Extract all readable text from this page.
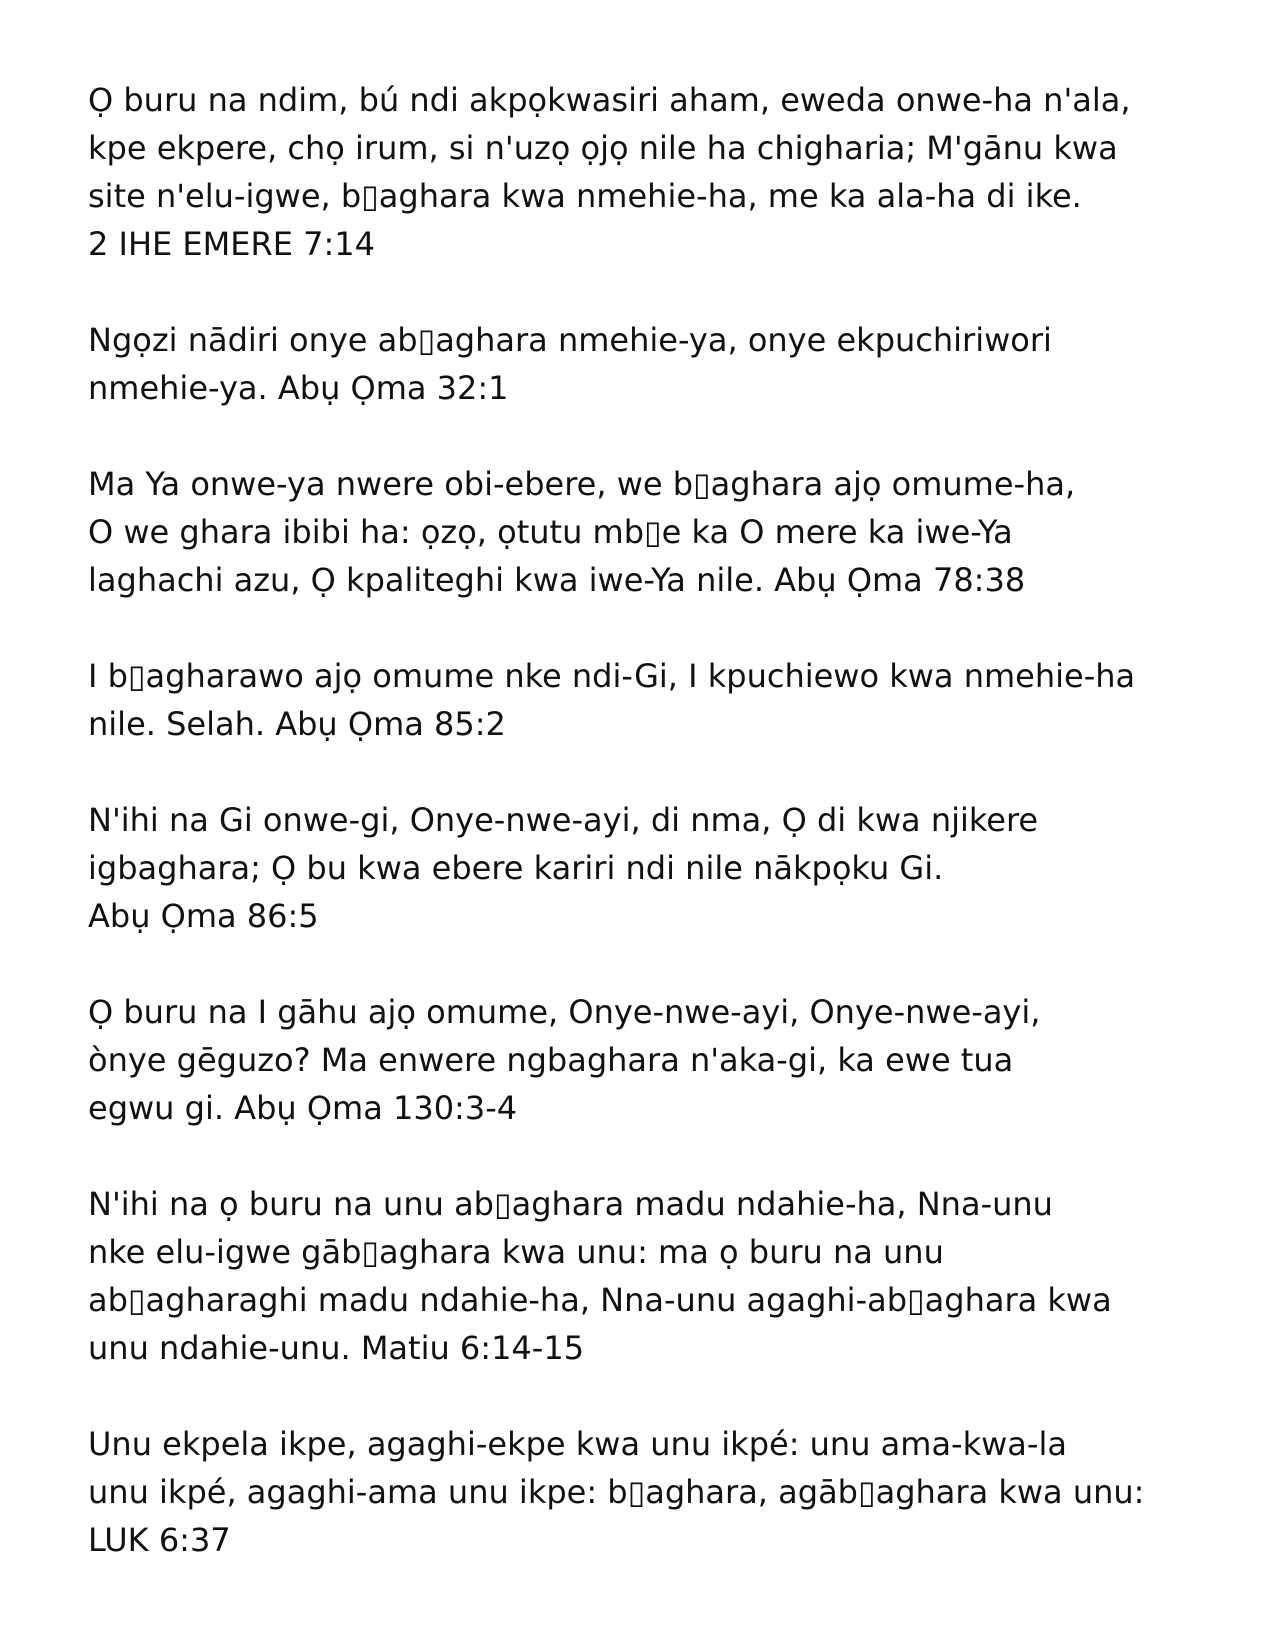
Ọ buru na ndim, bú ndi akpọkwasiri aham, eweda onwe-ha n'ala,
kpe ekpere, chọ irum, si n'uzọ ọjọ nile ha chigharia; M'gānu kwa
site n'elu-igwe, b▯aghara kwa nmehie-ha, me ka ala-ha di ike.
2 IHE EMERE 7:14

Ngọzi nādiri onye ab▯aghara nmehie-ya, onye ekpuchiriwori
nmehie-ya. Abụ Ọma 32:1

Ma Ya onwe-ya nwere obi-ebere, we b▯aghara ajọ omume-ha,
O we ghara ibibi ha: ọzọ, ọtutu mb▯e ka O mere ka iwe-Ya
laghachi azu, Ọ kpaliteghi kwa iwe-Ya nile. Abụ Ọma 78:38

I b▯agharawo ajọ omume nke ndi-Gi, I kpuchiewo kwa nmehie-ha
nile. Selah. Abụ Ọma 85:2

N'ihi na Gi onwe-gi, Onye-nwe-ayi, di nma, Ọ di kwa njikere
igbaghara; Ọ bu kwa ebere kariri ndi nile nākpọku Gi.
Abụ Ọma 86:5

Ọ buru na I gāhu ajọ omume, Onye-nwe-ayi, Onye-nwe-ayi,
ònye gēguzo? Ma enwere ngbaghara n'aka-gi, ka ewe tua
egwu gi. Abụ Ọma 130:3-4

N'ihi na ọ buru na unu ab▯aghara madu ndahie-ha, Nna-unu
nke elu-igwe gāb▯aghara kwa unu: ma ọ buru na unu
ab▯agharaghi madu ndahie-ha, Nna-unu agaghi-ab▯aghara kwa
unu ndahie-unu. Matiu 6:14-15

Unu ekpela ikpe, agaghi-ekpe kwa unu ikpé: unu ama-kwa-la
unu ikpé, agaghi-ama unu ikpe: b▯aghara, agāb▯aghara kwa unu:
LUK 6:37
